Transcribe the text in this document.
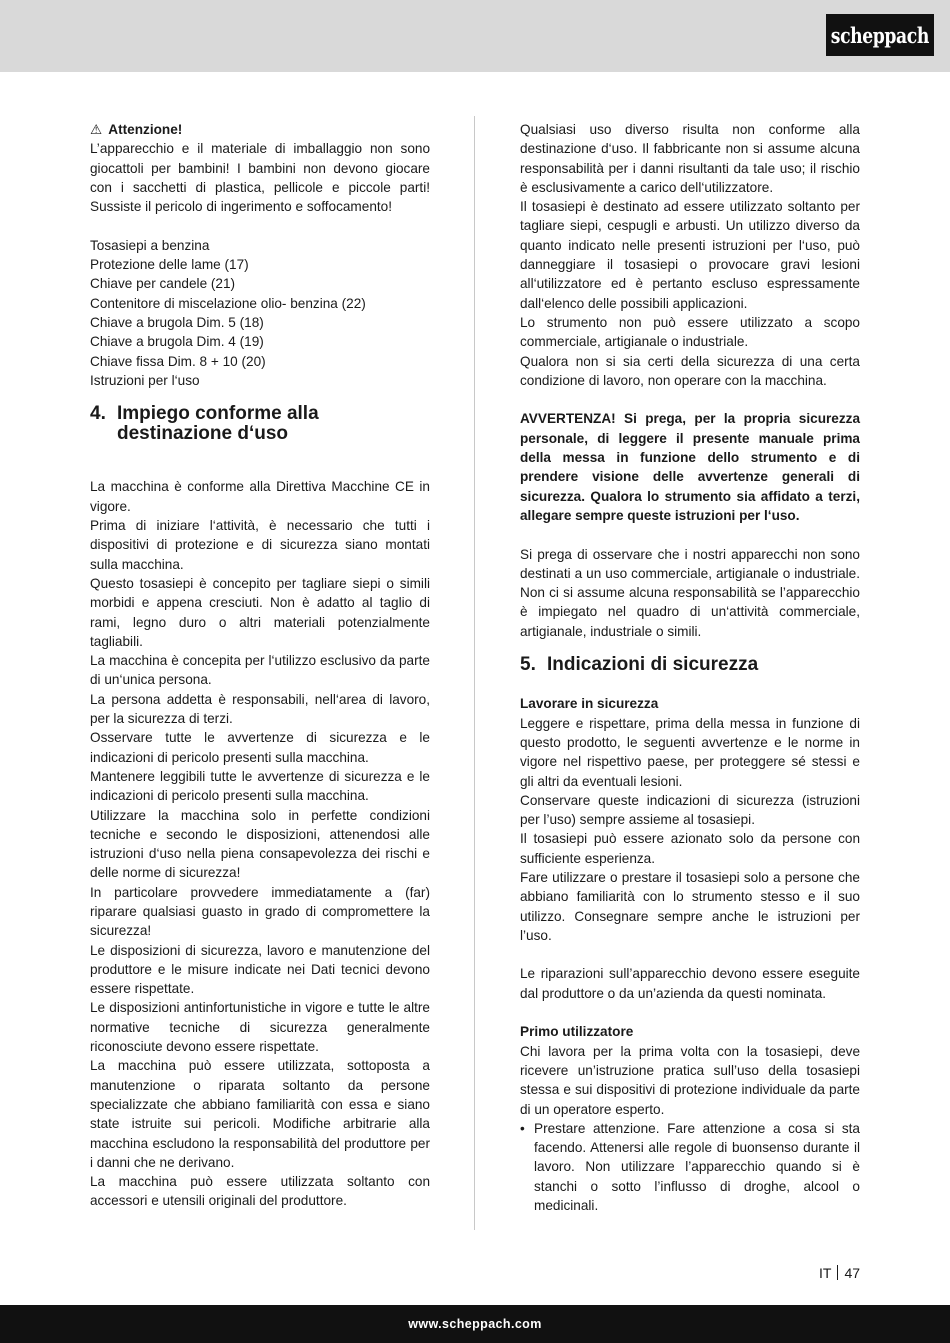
scheppach

⚠ Attenzione!

L’apparecchio e il materiale di imballaggio non sono giocattoli per bambini! I bambini non devono giocare con i sacchetti di plastica, pellicole e piccole parti! Sussiste il pericolo di ingerimento e soffocamento!

Tosasiepi a benzina
Protezione delle lame (17)
Chiave per candele (21)
Contenitore di miscelazione olio- benzina (22)
Chiave a brugola Dim. 5 (18)
Chiave a brugola Dim. 4 (19)
Chiave fissa Dim. 8 + 10 (20)
Istruzioni per l‘uso
4. Impiego conforme alla destinazione d‘uso

La macchina è conforme alla Direttiva Macchine CE in vigore.

Prima di iniziare l‘attività, è necessario che tutti i dispositivi di protezione e di sicurezza siano montati sulla macchina.

Questo tosasiepi è concepito per tagliare siepi o simili morbidi e appena cresciuti. Non è adatto al taglio di rami, legno duro o altri materiali potenzialmente tagliabili.

La macchina è concepita per l‘utilizzo esclusivo da parte di un‘unica persona.

La persona addetta è responsabili, nell‘area di lavoro, per la sicurezza di terzi.

Osservare tutte le avvertenze di sicurezza e le indicazioni di pericolo presenti sulla macchina.

Mantenere leggibili tutte le avvertenze di sicurezza e le indicazioni di pericolo presenti sulla macchina.

Utilizzare la macchina solo in perfette condizioni tecniche e secondo le disposizioni, attenendosi alle istruzioni d‘uso nella piena consapevolezza dei rischi e delle norme di sicurezza!

In particolare provvedere immediatamente a (far) riparare qualsiasi guasto in grado di compromettere la sicurezza!

Le disposizioni di sicurezza, lavoro e manutenzione del produttore e le misure indicate nei Dati tecnici devono essere rispettate.

Le disposizioni antinfortunistiche in vigore e tutte le altre normative tecniche di sicurezza generalmente riconosciute devono essere rispettate.

La macchina può essere utilizzata, sottoposta a manutenzione o riparata soltanto da persone specializzate che abbiano familiarità con essa e siano state istruite sui pericoli. Modifiche arbitrarie alla macchina escludono la responsabilità del produttore per i danni che ne derivano.

La macchina può essere utilizzata soltanto con accessori e utensili originali del produttore.

Qualsiasi uso diverso risulta non conforme alla destinazione d‘uso. Il fabbricante non si assume alcuna responsabilità per i danni risultanti da tale uso; il rischio è esclusivamente a carico dell‘utilizzatore.

Il tosasiepi è destinato ad essere utilizzato soltanto per tagliare siepi, cespugli e arbusti. Un utilizzo diverso da quanto indicato nelle presenti istruzioni per l‘uso, può danneggiare il tosasiepi o provocare gravi lesioni all‘utilizzatore ed è pertanto escluso espressamente dall‘elenco delle possibili applicazioni.

Lo strumento non può essere utilizzato a scopo commerciale, artigianale o industriale.

Qualora non si sia certi della sicurezza di una certa condizione di lavoro, non operare con la macchina.

AVVERTENZA! Si prega, per la propria sicurezza personale, di leggere il presente manuale prima della messa in funzione dello strumento e di prendere visione delle avvertenze generali di sicurezza. Qualora lo strumento sia affidato a terzi, allegare sempre queste istruzioni per l‘uso.

Si prega di osservare che i nostri apparecchi non sono destinati a un uso commerciale, artigianale o industriale. Non ci si assume alcuna responsabilità se l’apparecchio è impiegato nel quadro di un‘attività commerciale, artigianale, industriale o simili.

5. Indicazioni di sicurezza
Lavorare in sicurezza

Leggere e rispettare, prima della messa in funzione di questo prodotto, le seguenti avvertenze e le norme in vigore nel rispettivo paese, per proteggere sé stessi e gli altri da eventuali lesioni.

Conservare queste indicazioni di sicurezza (istruzioni per l’uso) sempre assieme al tosasiepi.

Il tosasiepi può essere azionato solo da persone con sufficiente esperienza.

Fare utilizzare o prestare il tosasiepi solo a persone che abbiano familiarità con lo strumento stesso e il suo utilizzo. Consegnare sempre anche le istruzioni per l’uso.

Le riparazioni sull’apparecchio devono essere eseguite dal produttore o da un’azienda da questi nominata.

Primo utilizzatore

Chi lavora per la prima volta con la tosasiepi, deve ricevere un’istruzione pratica sull’uso della tosasiepi stessa e sui dispositivi di protezione individuale da parte di un operatore esperto.

• Prestare attenzione. Fare attenzione a cosa si sta facendo. Attenersi alle regole di buonsenso durante il lavoro. Non utilizzare l’apparecchio quando si è stanchi o sotto l’influsso di droghe, alcool o medicinali.
IT 47
www.scheppach.com
